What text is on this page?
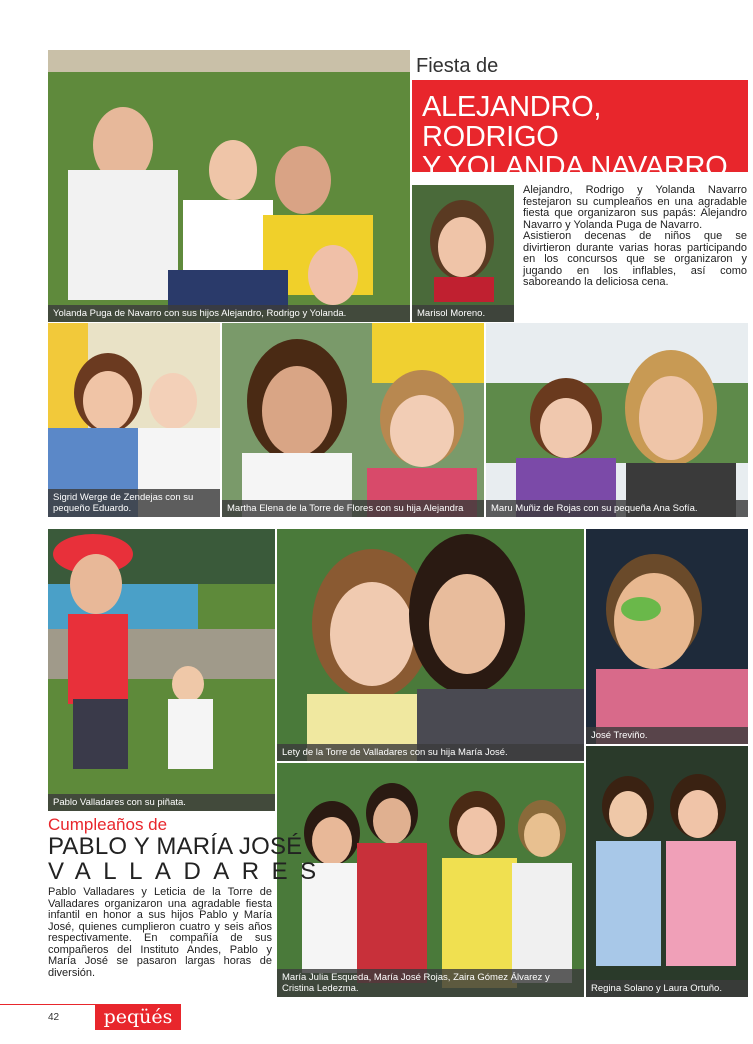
Fiesta de
ALEJANDRO, RODRIGO
Y YOLANDA NAVARRO
Yolanda Puga de Navarro con sus hijos Alejandro, Rodrigo y Yolanda.	Marisol Moreno.

Alejandro, Rodrigo y Yolanda Navarro festejaron su cumpleaños en una agradable fiesta que organizaron sus papás: Alejandro Navarro y Yolanda Puga de Navarro.

Asistieron decenas de niños que se divirtieron durante varias horas participando en los concursos que se organizaron y jugando en los inflables, así como saboreando la deliciosa cena.

Sigrid Werge de Zendejas con su pequeño Eduardo.	Martha Elena de la Torre de Flores con su hija Alejandra	Maru Muñiz de Rojas con su pequeña Ana Sofía.
Pablo Valladares con su piñata.
Lety de la Torre de Valladares con su hija María José.
José Treviño.
María Julia Esqueda, María José Rojas, Zaira Gómez Álvarez y Cristina Ledezma.	Regina Solano y Laura Ortuño.
Cumpleaños de
PABLO Y MARÍA JOSÉ
VALLADARES

Pablo Valladares y Leticia de la Torre de Valladares organizaron una agradable fiesta infantil en honor a sus hijos Pablo y María José, quienes cumplieron cuatro y seis años respectivamente. En compañía de sus compañeros del Instituto Andes, Pablo y María José se pasaron largas horas de diversión.

42	peqüés
